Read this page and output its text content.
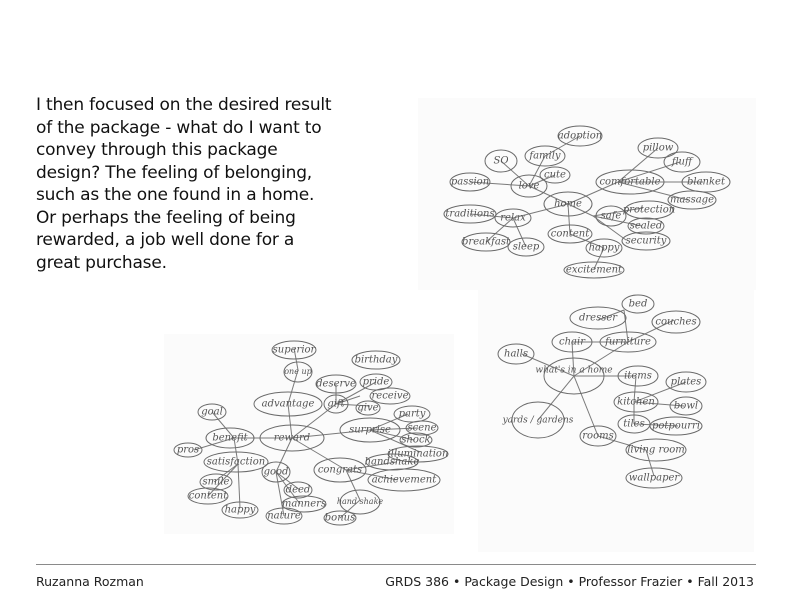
I then focused on the desired result of the package - what do I want to convey through this package design? The feeling of belonging, such as the one found in a home. Or perhaps the feeling of being rewarded, a job well done for a great purchase.

home
love
SO family
adoption
cute
passion
traditions relax
breakfast sleep
content
happy
excitement
comfortable
pillow
fluff
blanket
massage
safe
protection
sealed
security
what's in a home
dresser
bed
couches
chair furniture
halls
yards / gardens
rooms
items
plates
kitchen bowl
tiles potpourri
living room
wallpaper
reward
advantage
superior
one up
deserve
birthday
gift
pride
receive
give
surprise
party
scene
shock
illumination
congrats
handshake
achievement
hand shake
bonus
good
deed
manners
nature
benefit
goal
pros
satisfaction
smile
content
happy
Ruzanna Rozman	GRDS 386 • Package Design • Professor Frazier • Fall 2013
